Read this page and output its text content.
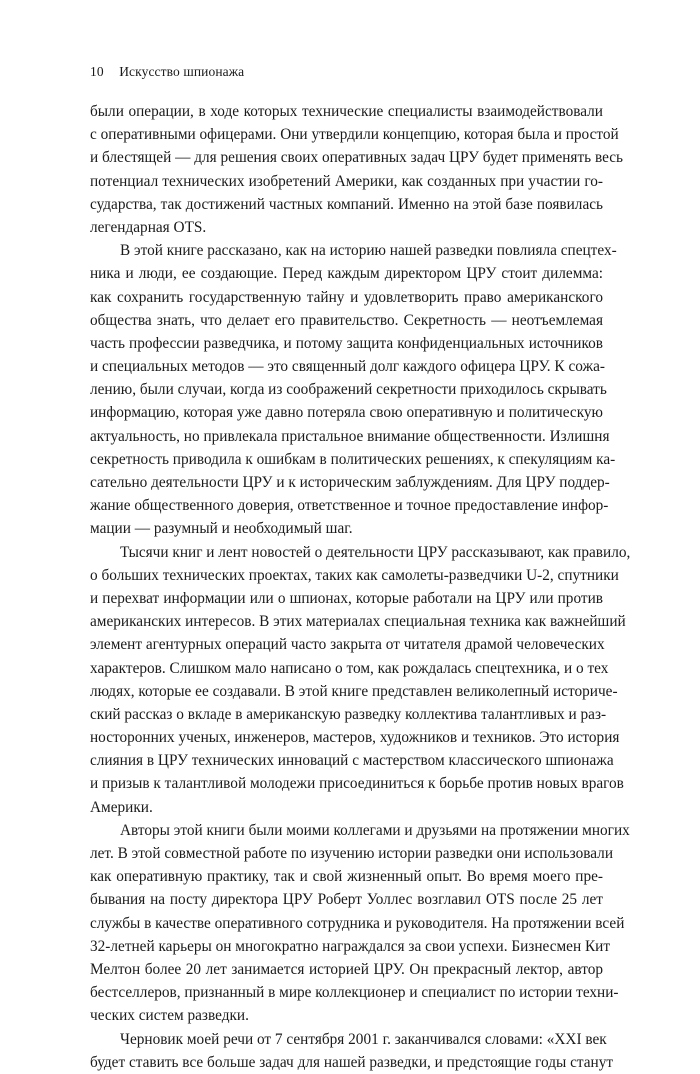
10 Искусство шпионажа
были операции, в ходе которых технические специалисты взаимодействовали
с оперативными офицерами. Они утвердили концепцию, которая была и простой
и блестящей — для решения своих оперативных задач ЦРУ будет применять весь
потенциал технических изобретений Америки, как созданных при участии го-
сударства, так достижений частных компаний. Именно на этой базе появилась
легендарная OTS.
В этой книге рассказано, как на историю нашей разведки повлияла спецтех-
ника и люди, ее создающие. Перед каждым директором ЦРУ стоит дилемма:
как сохранить государственную тайну и удовлетворить право американского
общества знать, что делает его правительство. Секретность — неотъемлемая
часть профессии разведчика, и потому защита конфиденциальных источников
и специальных методов — это священный долг каждого офицера ЦРУ. К сожа-
лению, были случаи, когда из соображений секретности приходилось скрывать
информацию, которая уже давно потеряла свою оперативную и политическую
актуальность, но привлекала пристальное внимание общественности. Излишня
секретность приводила к ошибкам в политических решениях, к спекуляциям ка-
сательно деятельности ЦРУ и к историческим заблуждениям. Для ЦРУ поддер-
жание общественного доверия, ответственное и точное предоставление инфор-
мации — разумный и необходимый шаг.
Тысячи книг и лент новостей о деятельности ЦРУ рассказывают, как правило,
о больших технических проектах, таких как самолеты-разведчики U-2, спутники
и перехват информации или о шпионах, которые работали на ЦРУ или против
американских интересов. В этих материалах специальная техника как важнейший
элемент агентурных операций часто закрыта от читателя драмой человеческих
характеров. Слишком мало написано о том, как рождалась спецтехника, и о тех
людях, которые ее создавали. В этой книге представлен великолепный историче-
ский рассказ о вкладе в американскую разведку коллектива талантливых и раз-
носторонних ученых, инженеров, мастеров, художников и техников. Это история
слияния в ЦРУ технических инноваций с мастерством классического шпионажа
и призыв к талантливой молодежи присоединиться к борьбе против новых врагов
Америки.
Авторы этой книги были моими коллегами и друзьями на протяжении многих
лет. В этой совместной работе по изучению истории разведки они использовали
как оперативную практику, так и свой жизненный опыт. Во время моего пре-
бывания на посту директора ЦРУ Роберт Уоллес возглавил OTS после 25 лет
службы в качестве оперативного сотрудника и руководителя. На протяжении всей
32-летней карьеры он многократно награждался за свои успехи. Бизнесмен Кит
Мелтон более 20 лет занимается историей ЦРУ. Он прекрасный лектор, автор
бестселлеров, признанный в мире коллекционер и специалист по истории техни-
ческих систем разведки.
Черновик моей речи от 7 сентября 2001 г. заканчивался словами: «XXI век
будет ставить все больше задач для нашей разведки, и предстоящие годы станут
